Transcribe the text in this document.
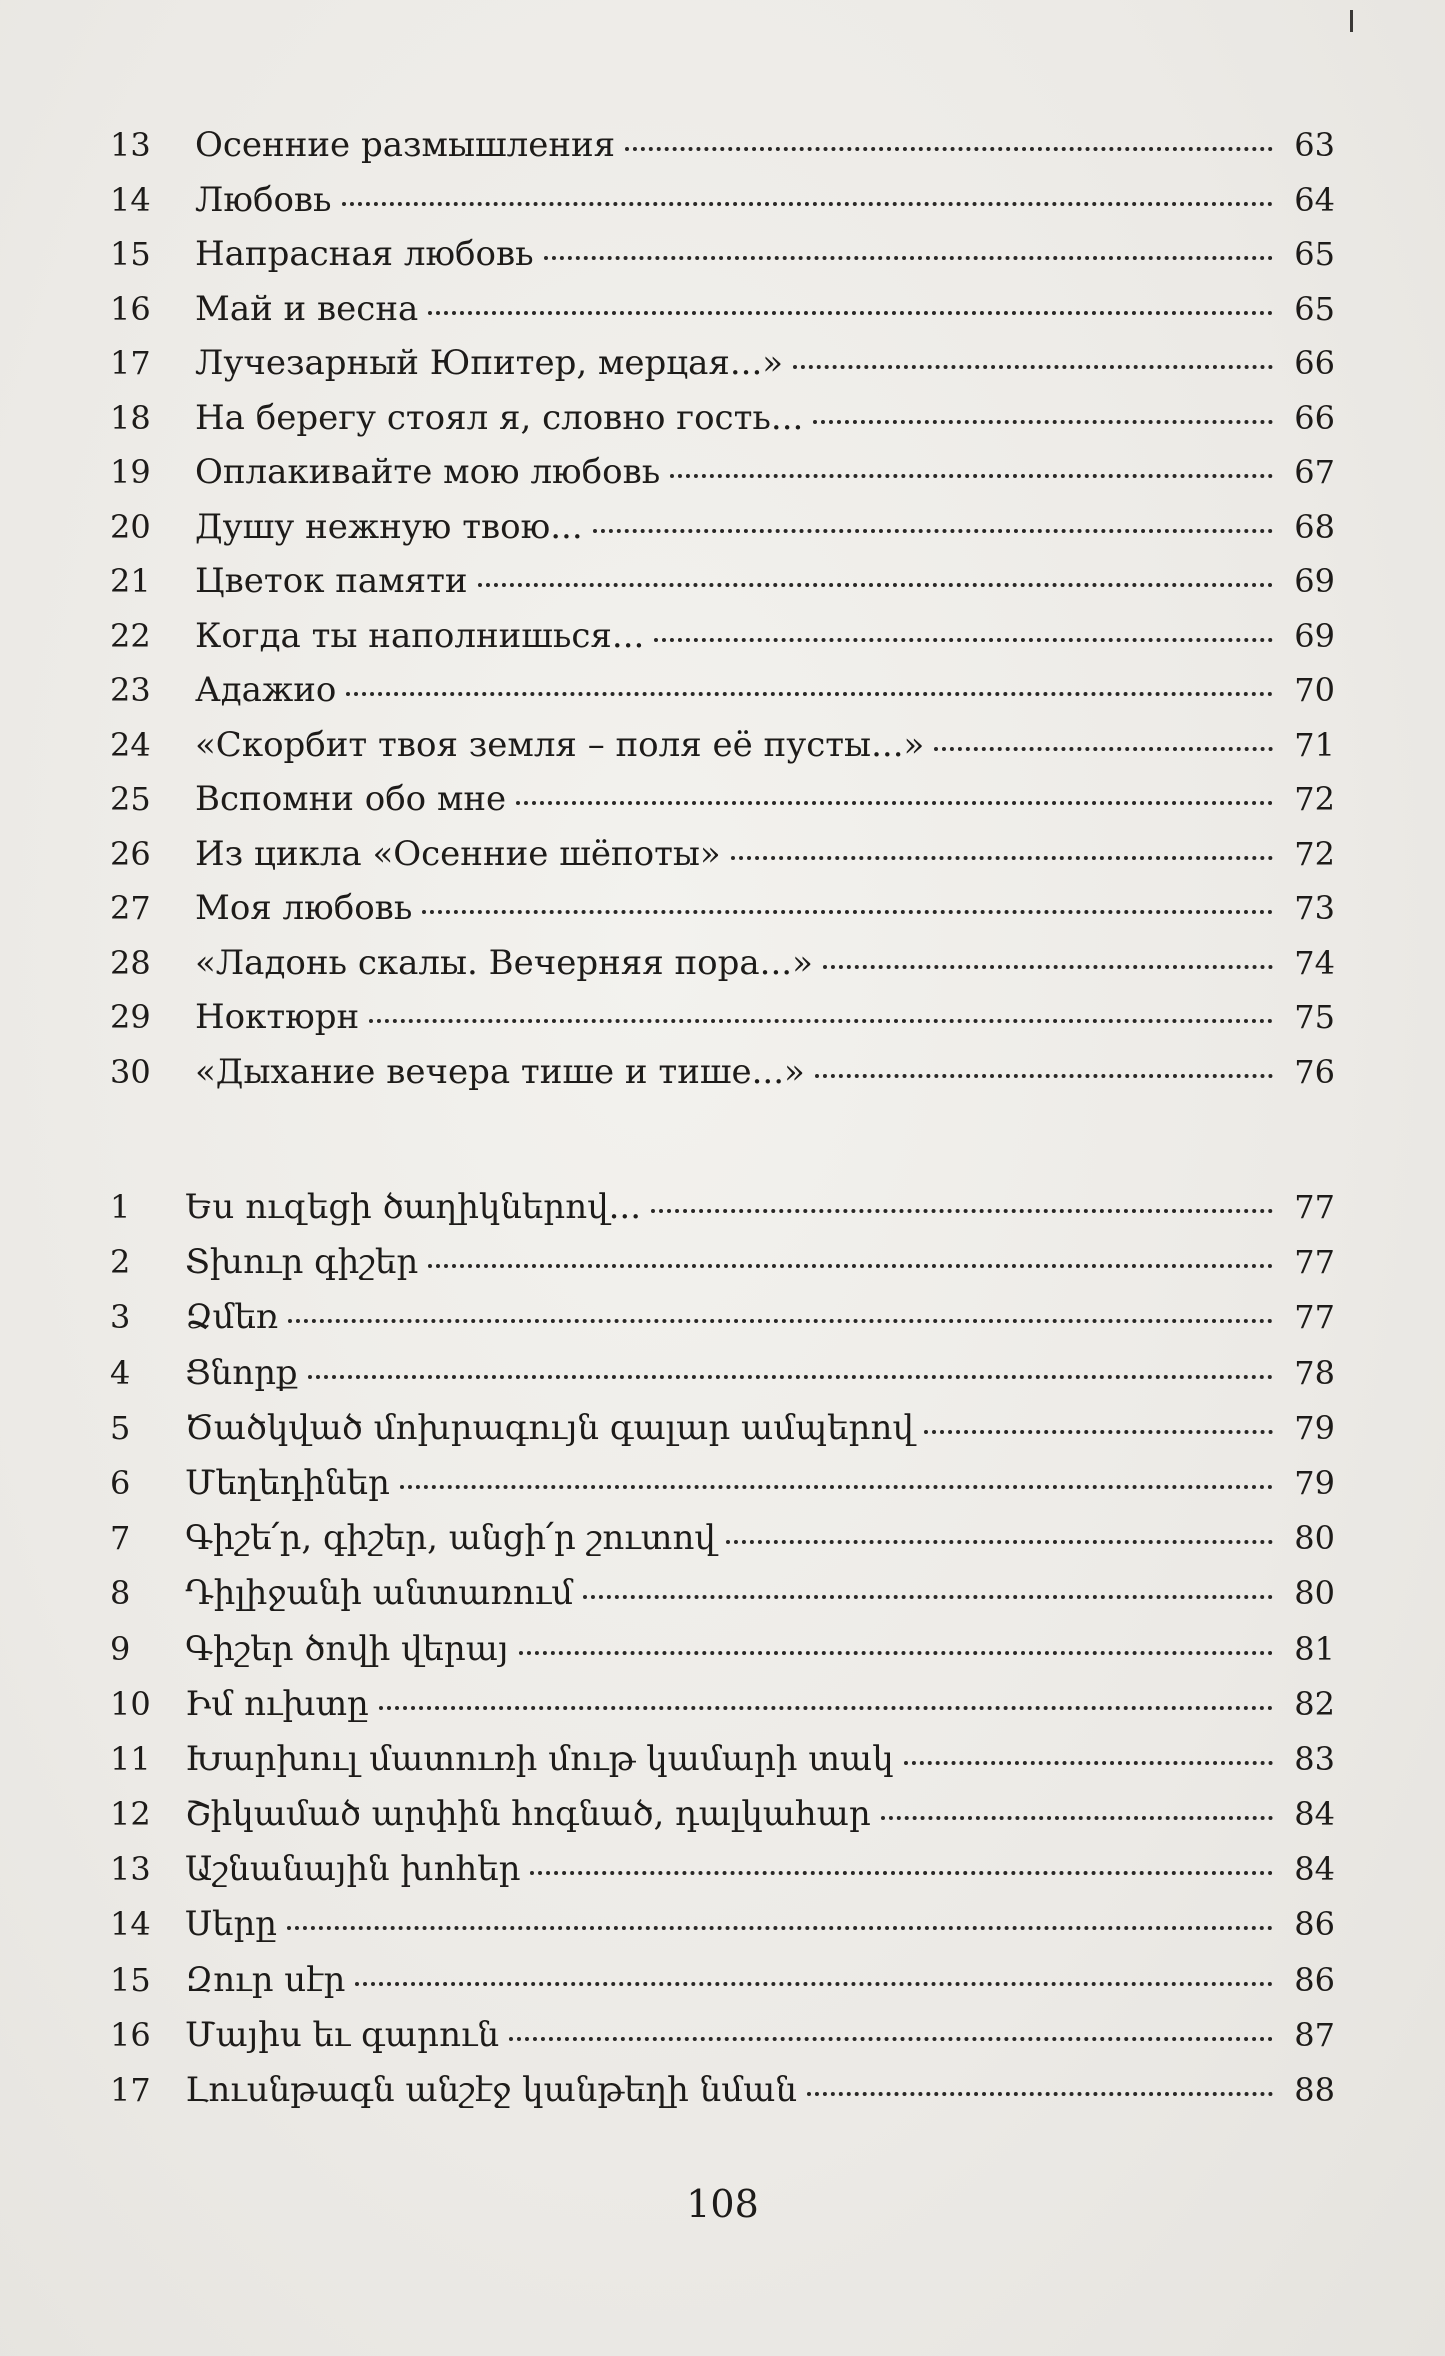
13	Осенние размышления	63
14	Любовь	64
15	Напрасная любовь	65
16	Май и весна	65
17	Лучезарный Юпитер, мерцая...»	66
18	На берегу стоял я, словно гость...	66
19	Оплакивайте мою любовь	67
20	Душу нежную твою...	68
21	Цветок памяти	69
22	Когда ты наполнишься...	69
23	Адажио	70
24	«Скорбит твоя земля – поля её пусты...»	71
25	Вспомни обо мне	72
26	Из цикла «Осенние шёпоты»	72
27	Моя любовь	73
28	«Ладонь скалы. Вечерняя пора...»	74
29	Ноктюрн	75
30	«Дыхание вечера тише и тише...»	76
1	Ես ուզեցի ծաղիկներով...	77
2	Տխուր գիշեր	77
3	Ձմեռ	77
4	Ցնորք	78
5	Ծածկված մոխրագույն գալար ամպերով	79
6	Մեղեդիներ	79
7	Գիշե՛ր, գիշեր, անցի՛ր շուտով	80
8	Դիլիջանի անտառում	80
9	Գիշեր ծովի վերայ	81
10	Իմ ուխտը	82
11	Խարխուլ մատուռի մութ կամարի տակ	83
12	Շիկամած արփին հոգնած, դալկահար	84
13	Աշնանային խոհեր	84
14	Սերը	86
15	Զուր սէր	86
16	Մայիս եւ գարուն	87
17	Լուսնթագն անշէջ կանթեղի նման	88
108
